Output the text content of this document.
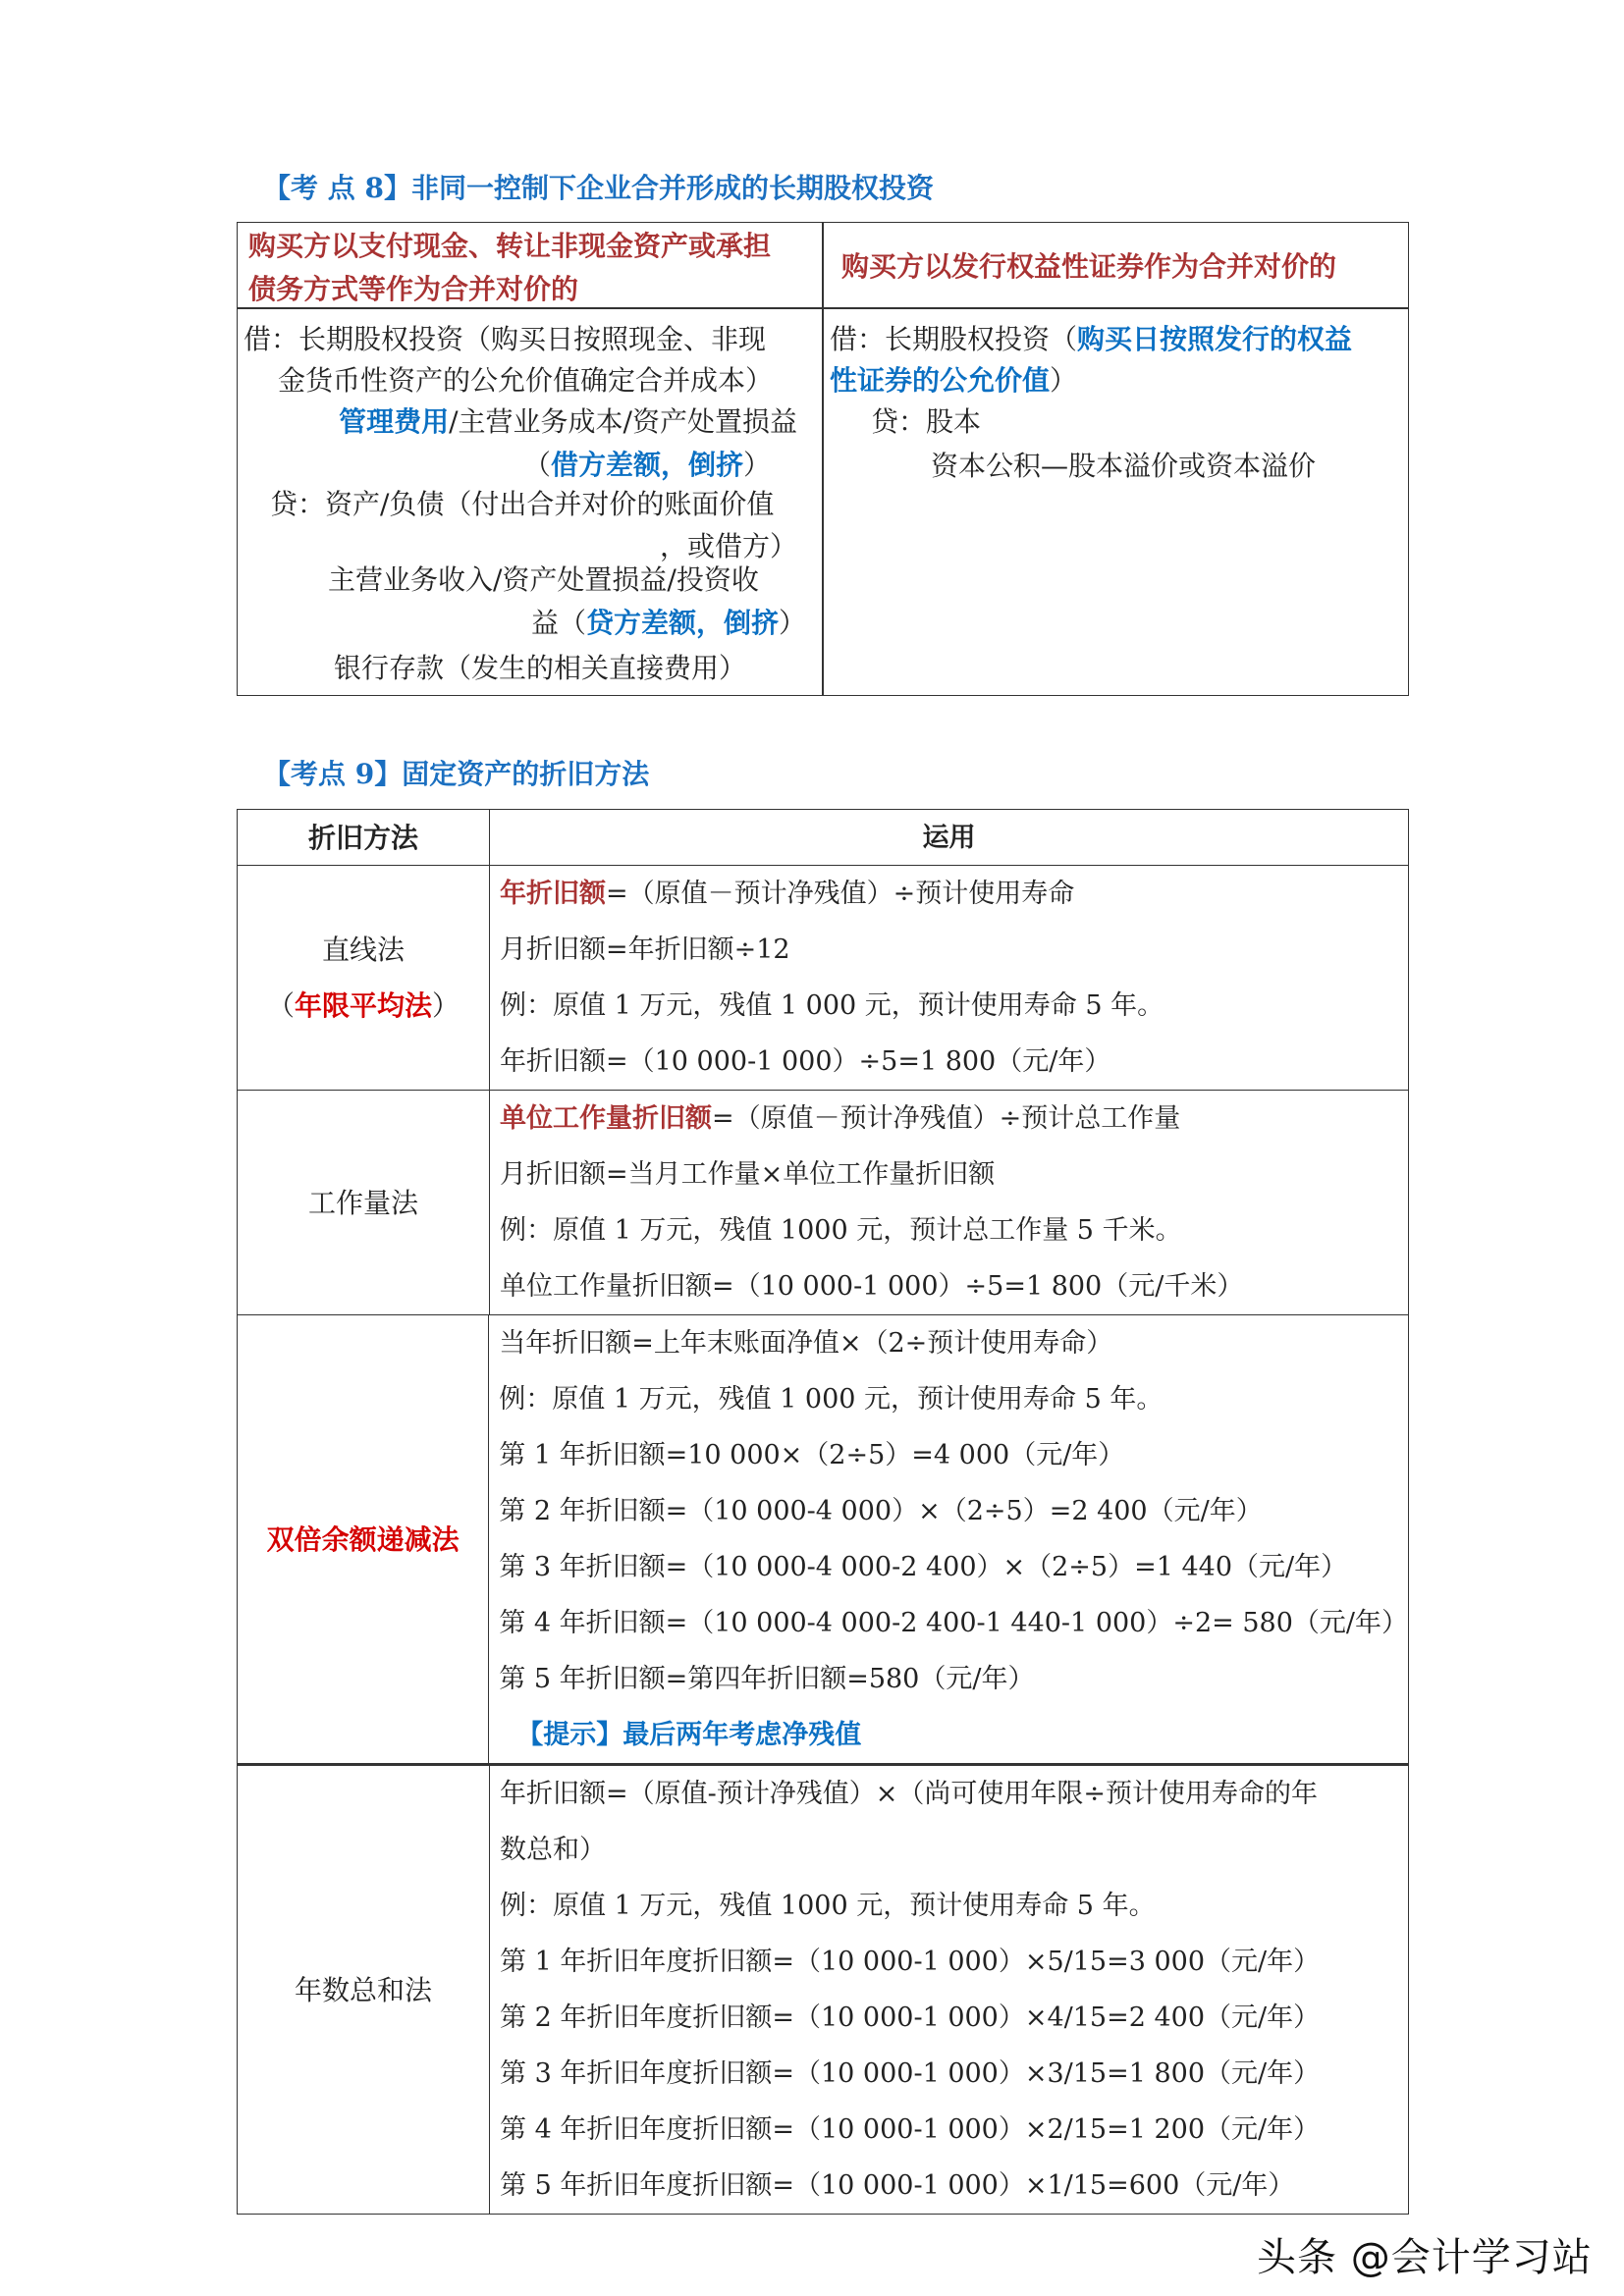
【考 点 8】非同一控制下企业合并形成的长期股权投资
购买方以支付现金、转让非现金资产或承担
债务方式等作为合并对价的
购买方以发行权益性证券作为合并对价的
借：长期股权投资（购买日按照现金、非现
金货币性资产的公允价值确定合并成本）
管理费用/主营业务成本/资产处置损益
（借方差额，倒挤）
贷：资产/负债（付出合并对价的账面价值
，或借方）
主营业务收入/资产处置损益/投资收
益（贷方差额，倒挤）
银行存款（发生的相关直接费用）
借：长期股权投资（购买日按照发行的权益
性证券的公允价值）
贷：股本
资本公积—股本溢价或资本溢价
【考点 9】固定资产的折旧方法
折旧方法	运用
直线法
（年限平均法）
年折旧额=（原值－预计净残值）÷预计使用寿命
月折旧额=年折旧额÷12
例：原值 1 万元，残值 1 000 元，预计使用寿命 5 年。
年折旧额=（10 000-1 000）÷5=1 800（元/年）
工作量法
单位工作量折旧额=（原值－预计净残值）÷预计总工作量
月折旧额=当月工作量×单位工作量折旧额
例：原值 1 万元，残值 1000 元，预计总工作量 5 千米。
单位工作量折旧额=（10 000-1 000）÷5=1 800（元/千米）
双倍余额递减法
当年折旧额=上年末账面净值×（2÷预计使用寿命）
例：原值 1 万元，残值 1 000 元，预计使用寿命 5 年。
第 1 年折旧额=10 000×（2÷5）=4 000（元/年）
第 2 年折旧额=（10 000-4 000）×（2÷5）=2 400（元/年）
第 3 年折旧额=（10 000-4 000-2 400）×（2÷5）=1 440（元/年）
第 4 年折旧额=（10 000-4 000-2 400-1 440-1 000）÷2= 580（元/年）
第 5 年折旧额=第四年折旧额=580（元/年）
【提示】最后两年考虑净残值
年数总和法
年折旧额=（原值-预计净残值）×（尚可使用年限÷预计使用寿命的年
数总和）
例：原值 1 万元，残值 1000 元，预计使用寿命 5 年。
第 1 年折旧年度折旧额=（10 000-1 000）×5/15=3 000（元/年）
第 2 年折旧年度折旧额=（10 000-1 000）×4/15=2 400（元/年）
第 3 年折旧年度折旧额=（10 000-1 000）×3/15=1 800（元/年）
第 4 年折旧年度折旧额=（10 000-1 000）×2/15=1 200（元/年）
第 5 年折旧年度折旧额=（10 000-1 000）×1/15=600（元/年）
头条 @会计学习站
